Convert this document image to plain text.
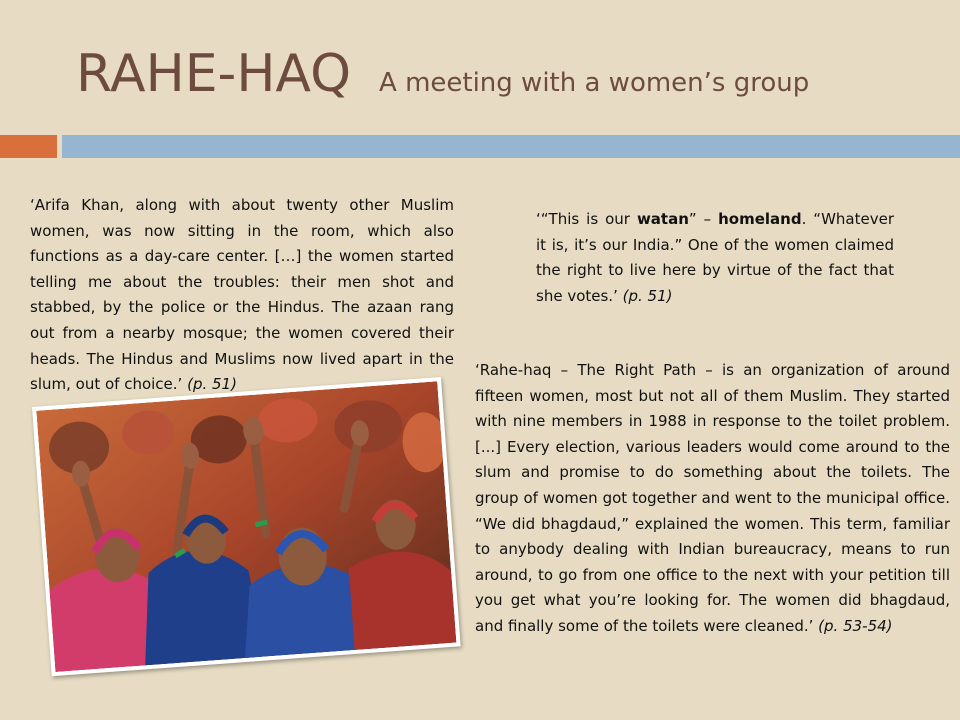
RAHE-HAQ A meeting with a women’s group

‘Arifa Khan, along with about twenty other Muslim women, was now sitting in the room, which also functions as a day-care center. […] the women started telling me about the troubles: their men shot and stabbed, by the police or the Hindus. The azaan rang out from a nearby mosque; the women covered their heads. The Hindus and Muslims now lived apart in the slum, out of choice.’ (p. 51)

‘“This is our watan” – homeland. “Whatever it is, it’s our India.” One of the women claimed the right to live here by virtue of the fact that she votes.’ (p. 51)

‘Rahe-haq – The Right Path – is an organization of around fifteen women, most but not all of them Muslim. They started with nine members in 1988 in response to the toilet problem. [...] Every election, various leaders would come around to the slum and promise to do something about the toilets. The group of women got together and went to the municipal office. “We did bhagdaud,” explained the women. This term, familiar to anybody dealing with Indian bureaucracy, means to run around, to go from one office to the next with your petition till you get what you’re looking for. The women did bhagdaud, and finally some of the toilets were cleaned.’ (p. 53-54)
